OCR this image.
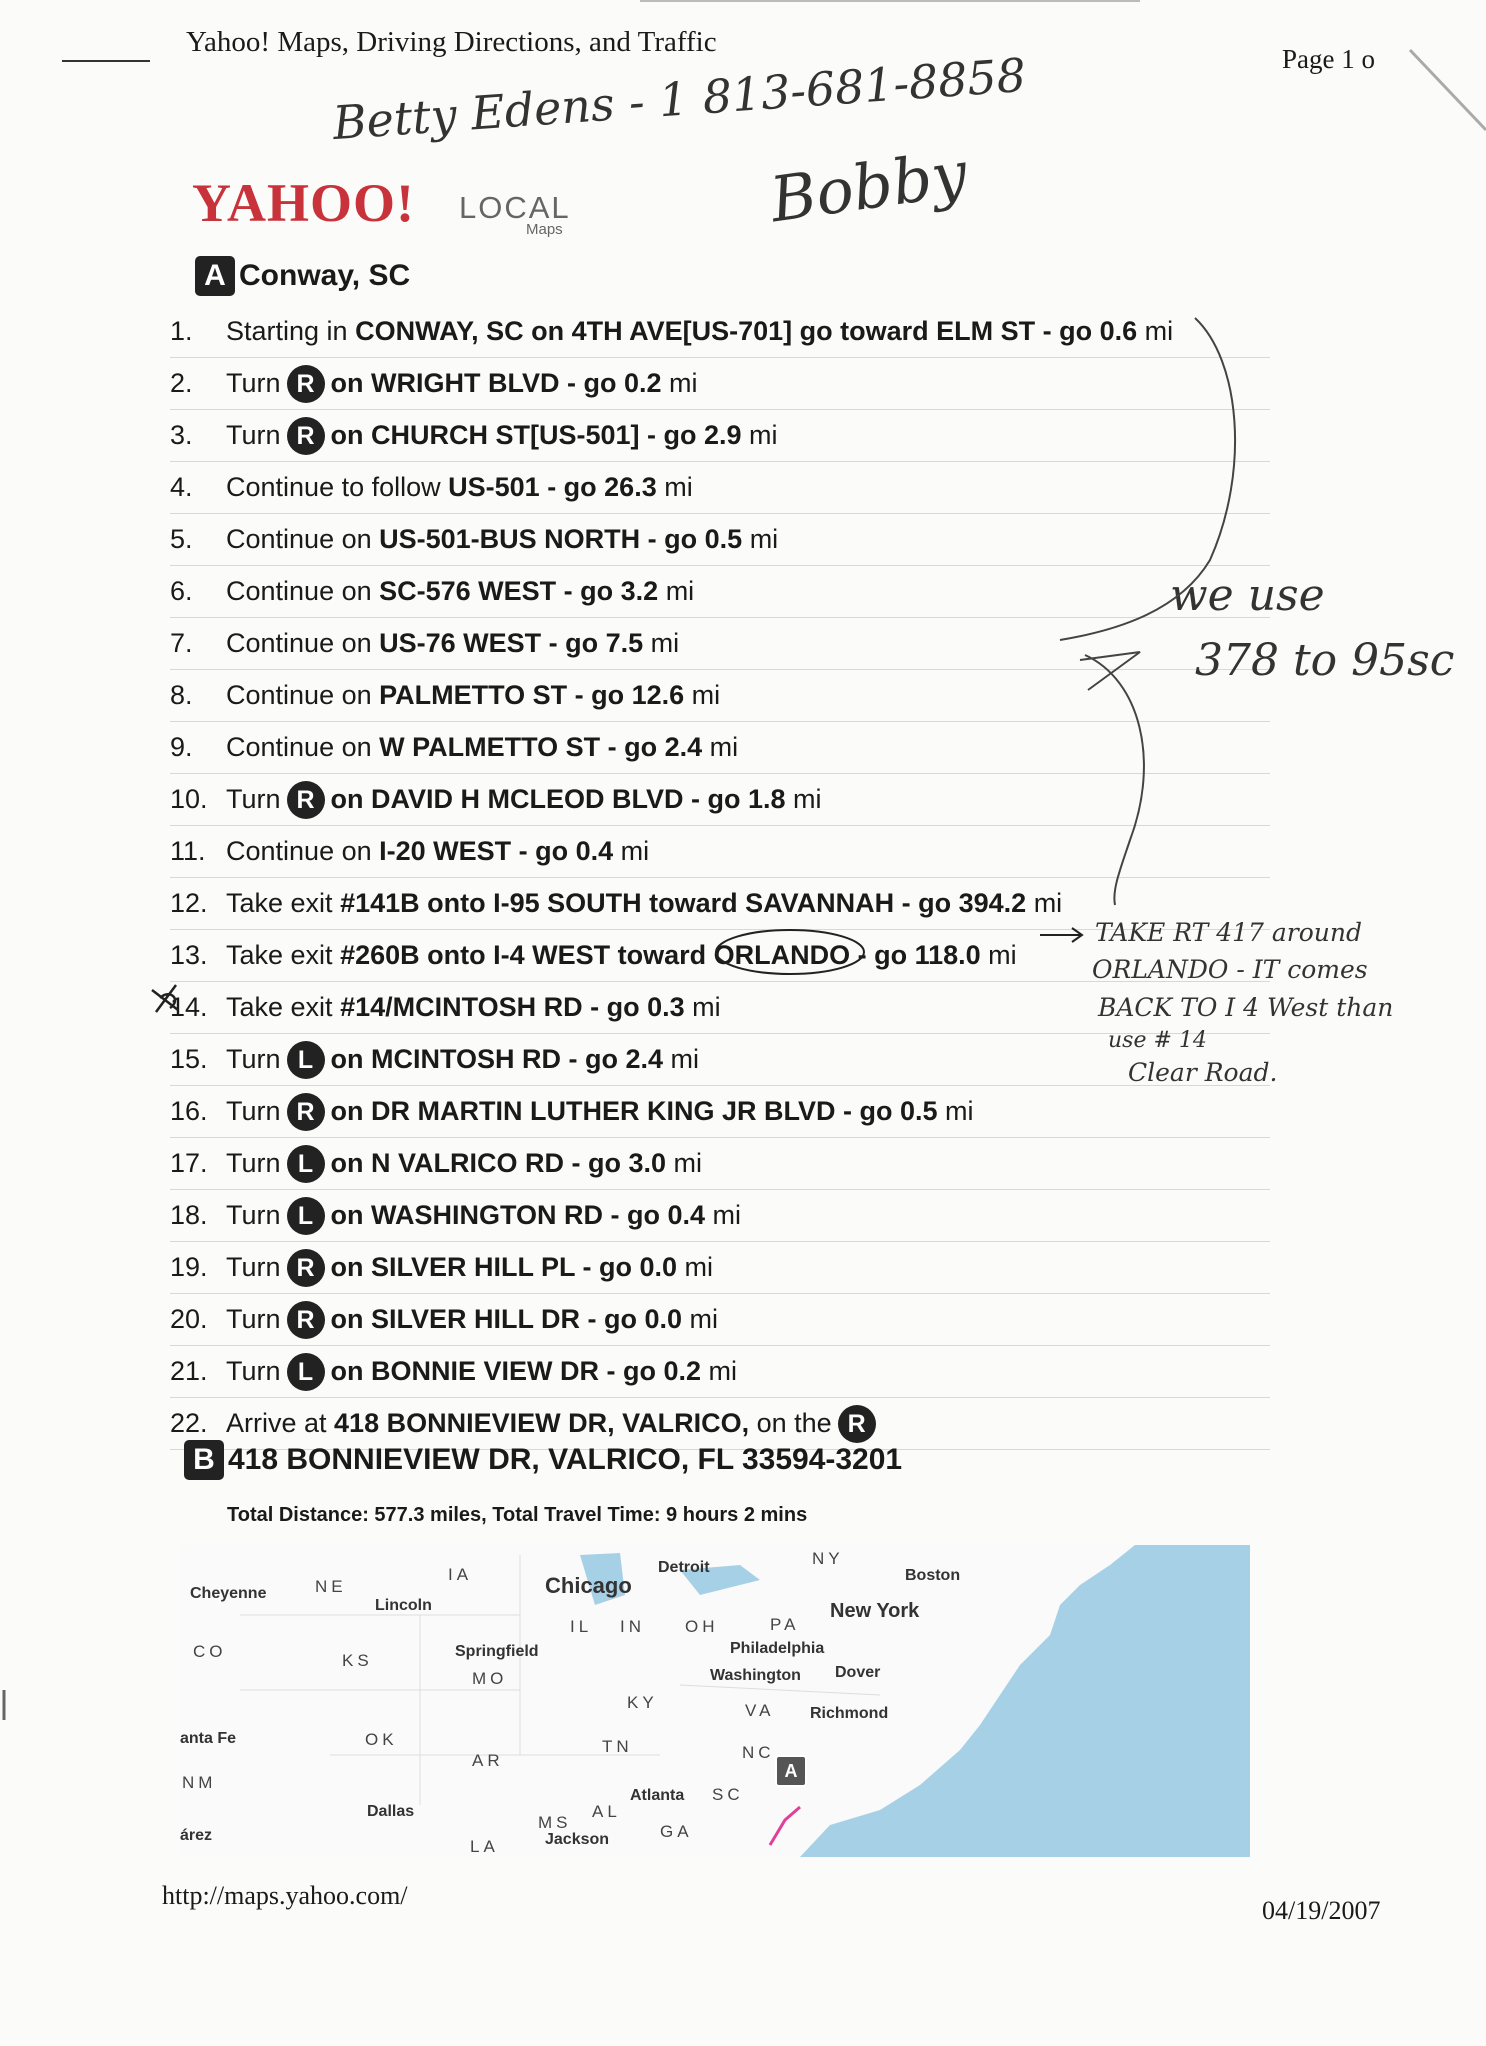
Yahoo! Maps, Driving Directions, and Traffic
Page 1 o
Betty Edens - 1 813-681-8858
Bobby
YAHOO! LOCAL
Maps
A Conway, SC
1.	Starting in CONWAY, SC on 4TH AVE[US-701] go toward ELM ST - go 0.6 mi
2.	Turn R on WRIGHT BLVD - go 0.2 mi
3.	Turn R on CHURCH ST[US-501] - go 2.9 mi
4.	Continue to follow US-501 - go 26.3 mi
5.	Continue on US-501-BUS NORTH - go 0.5 mi
6.	Continue on SC-576 WEST - go 3.2 mi
7.	Continue on US-76 WEST - go 7.5 mi
8.	Continue on PALMETTO ST - go 12.6 mi
9.	Continue on W PALMETTO ST - go 2.4 mi
10. Turn R on DAVID H MCLEOD BLVD - go 1.8 mi
11. Continue on I-20 WEST - go 0.4 mi
12. Take exit #141B onto I-95 SOUTH toward SAVANNAH - go 394.2 mi
13. Take exit #260B onto I-4 WEST toward ORLANDO - go 118.0 mi
14. Take exit #14/MCINTOSH RD - go 0.3 mi
15. Turn L on MCINTOSH RD - go 2.4 mi
16. Turn R on DR MARTIN LUTHER KING JR BLVD - go 0.5 mi
17. Turn L on N VALRICO RD - go 3.0 mi
18. Turn L on WASHINGTON RD - go 0.4 mi
19. Turn R on SILVER HILL PL - go 0.0 mi
20. Turn R on SILVER HILL DR - go 0.0 mi
21. Turn L on BONNIE VIEW DR - go 0.2 mi
22. Arrive at 418 BONNIEVIEW DR, VALRICO, on the R
B 418 BONNIEVIEW DR, VALRICO, FL 33594-3201
Total Distance: 577.3 miles, Total Travel Time: 9 hours 2 mins
we use
378 to 95sc
TAKE RT 417 around
ORLANDO - IT comes
BACK TO I 4 West than
use # 14
Clear Road.
Cheyenne
Lincoln
Chicago
Detroit	Boston
New York
Philadelphia
Washington Dover
Richmond
Springfield
anta Fe
Dallas
Atlanta
Jackson
árez
NE
IA
NY
IL IN OH	PA
CO	KS
MO
KY	VA
OK
AR
TN	NC
NM
MS
AL
SC
GA
LA
A
http://maps.yahoo.com/
04/19/2007
